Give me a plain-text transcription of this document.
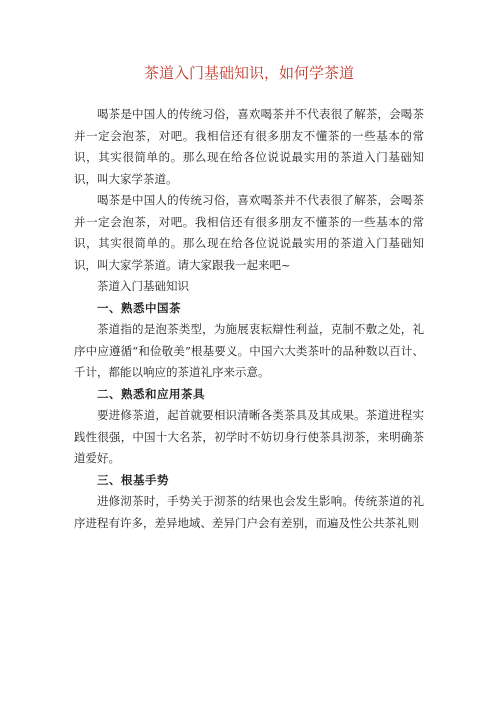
茶道入门基础知识，如何学茶道

喝茶是中国人的传统习俗，喜欢喝茶并不代表很了解茶，会喝茶并一定会泡茶，对吧。我相信还有很多朋友不懂茶的一些基本的常识，其实很简单的。那么现在给各位说说最实用的茶道入门基础知识，叫大家学茶道。

喝茶是中国人的传统习俗，喜欢喝茶并不代表很了解茶，会喝茶并一定会泡茶，对吧。我相信还有很多朋友不懂茶的一些基本的常识，其实很简单的。那么现在给各位说说最实用的茶道入门基础知识，叫大家学茶道。请大家跟我一起来吧~

茶道入门基础知识

一、熟悉中国茶

茶道指的是泡茶类型，为施展衷耘辯性利益，克制不敷之处，礼序中应遵循“和俭敬美”根基要义。中国六大类茶叶的品种数以百计、千计，都能以响应的茶道礼序来示意。

二、熟悉和应用茶具

要进修茶道，起首就要相识清晰各类茶具及其成果。茶道进程实践性很强，中国十大名茶，初学时不妨切身行使茶具沏茶，来明确茶道爱好。

三、根基手势

进修沏茶时，手势关于沏茶的结果也会发生影响。传统茶道的礼序进程有许多，差异地域、差异门户会有差别，而遍及性公共茶礼则
